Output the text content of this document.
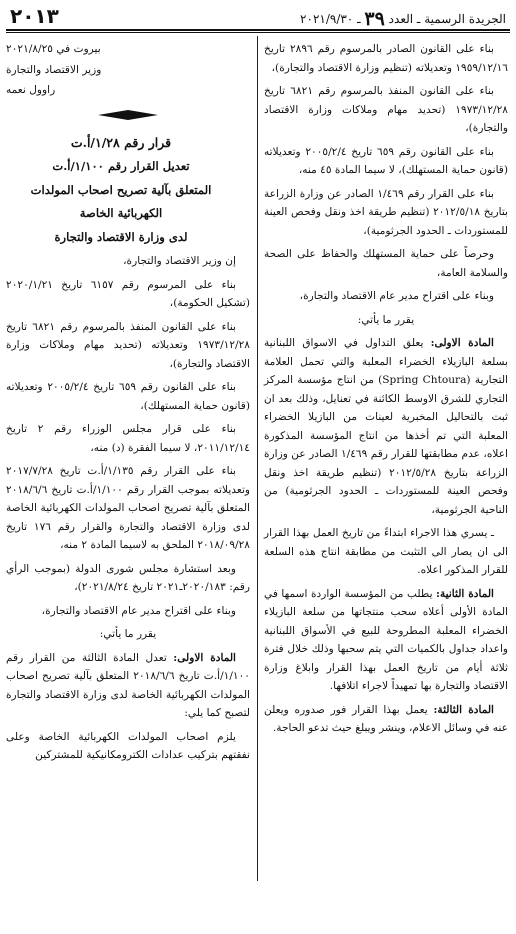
الجريدة الرسمية ـ العدد ٣٩ ـ ٢٠٢١/٩/٣٠
٢٠١٣

بناء على القانون الصادر بالمرسوم رقم ٢٨٩٦ تاريخ ١٩٥٩/١٢/١٦ وتعديلاته (تنظيم وزارة الاقتصاد والتجارة)،

بناء على القانون المنفذ بالمرسوم رقم ٦٨٢١ تاريخ ١٩٧٣/١٢/٢٨ (تحديد مهام وملاكات وزارة الاقتصاد والتجارة)،

بناء على القانون رقم ٦٥٩ تاريخ ٢٠٠٥/٢/٤ وتعديلاته (قانون حماية المستهلك)، لا سيما المادة ٤٥ منه،

بناء على القرار رقم ١/٤٦٩ الصادر عن وزارة الزراعة بتاريخ ٢٠١٢/٥/١٨ (تنظيم طريقة اخذ ونقل وفحص العينة للمستوردات ـ الحدود الجرثومية)،

وحرصاً على حماية المستهلك والحفاظ على الصحة والسلامة العامة،

وبناء على اقتراح مدير عام الاقتصاد والتجارة،

يقرر ما يأتي:

المادة الاولى: يعلق التداول في الاسواق اللبنانية بسلعة البازيلاء الخضراء المعلبة والتي تحمل العلامة التجارية (Spring Chtoura) من انتاج مؤسسة المركز التجاري للشرق الاوسط الكائنة في تعنايل، وذلك بعد ان ثبت بالتحاليل المخبرية لعينات من البازيلا الخضراء المعلبة التي تم أخذها من انتاج المؤسسة المذكورة اعلاه، عدم مطابقتها للقرار رقم ١/٤٦٩ الصادر عن وزارة الزراعة بتاريخ ٢٠١٢/٥/٢٨ (تنظيم طريقة اخذ ونقل وفحص العينة للمستوردات ـ الحدود الجرثومية) من الناحية الجرثومية،

ـ يسري هذا الاجراء ابتداءً من تاريخ العمل بهذا القرار الى ان يصار الى التثبت من مطابقة انتاج هذه السلعة للقرار المذكور اعلاه.

المادة الثانية: يطلب من المؤسسة الواردة اسمها في المادة الأولى أعلاه سحب منتجاتها من سلعة البازيلاء الخضراء المعلبة المطروحة للبيع في الأسواق اللبنانية واعداد جداول بالكميات التي يتم سحبها وذلك خلال فترة ثلاثة أيام من تاريخ العمل بهذا القرار وابلاغ وزارة الاقتصاد والتجارة بها تمهيداً لاجراء اتلافها.

المادة الثالثة: يعمل بهذا القرار فور صدوره ويعلن عنه في وسائل الاعلام، وينشر ويبلغ حيث تدعو الحاجة.

بيروت في ٢٠٢١/٨/٢٥

وزير الاقتصاد والتجارة

راوول نعمه

قرار رقم ١/٢٨/أ.ت

تعديل القرار رقم ١/١٠٠/أ.ت

المتعلق بآلية تصريح اصحاب المولدات

الكهربائية الخاصة

لدى وزارة الاقتصاد والتجارة

إن وزير الاقتصاد والتجارة،

بناء على المرسوم رقم ٦١٥٧ تاريخ ٢٠٢٠/١/٢١ (تشكيل الحكومة)،

بناء على القانون المنفذ بالمرسوم رقم ٦٨٢١ تاريخ ١٩٧٣/١٢/٢٨ وتعديلاته (تحديد مهام وملاكات وزارة الاقتصاد والتجارة)،

بناء على القانون رقم ٦٥٩ تاريخ ٢٠٠٥/٢/٤ وتعديلاته (قانون حماية المستهلك)،

بناء على قرار مجلس الوزراء رقم ٢ تاريخ ٢٠١١/١٢/١٤، لا سيما الفقرة (د) منه،

بناء على القرار رقم ١/١٣٥/أ.ت تاريخ ٢٠١٧/٧/٢٨ وتعديلاته بموجب القرار رقم ١/١٠٠/أ.ت تاريخ ٢٠١٨/٦/٦ المتعلق بآلية تصريح اصحاب المولدات الكهربائية الخاصة لدى وزارة الاقتصاد والتجارة والقرار رقم ١٧٦ تاريخ ٢٠١٨/٠٩/٢٨ الملحق به لاسيما المادة ٢ منه،

وبعد استشارة مجلس شورى الدولة (بموجب الرأي رقم: ٢٠٢٠/١٨٣ـ٢٠٢١ تاريخ ٢٠٢١/٨/٢٤)،

وبناء على اقتراح مدير عام الاقتصاد والتجارة،

يقرر ما يأتي:

المادة الاولى: تعدل المادة الثالثة من القرار رقم ١/١٠٠/أ.ت تاريخ ٢٠١٨/٦/٦ المتعلق بآلية تصريح اصحاب المولدات الكهربائية الخاصة لدى وزارة الاقتصاد والتجارة لتصبح كما يلي:

يلزم اصحاب المولدات الكهربائية الخاصة وعلى نفقتهم بتركيب عدادات الكترومكانيكية للمشتركين
